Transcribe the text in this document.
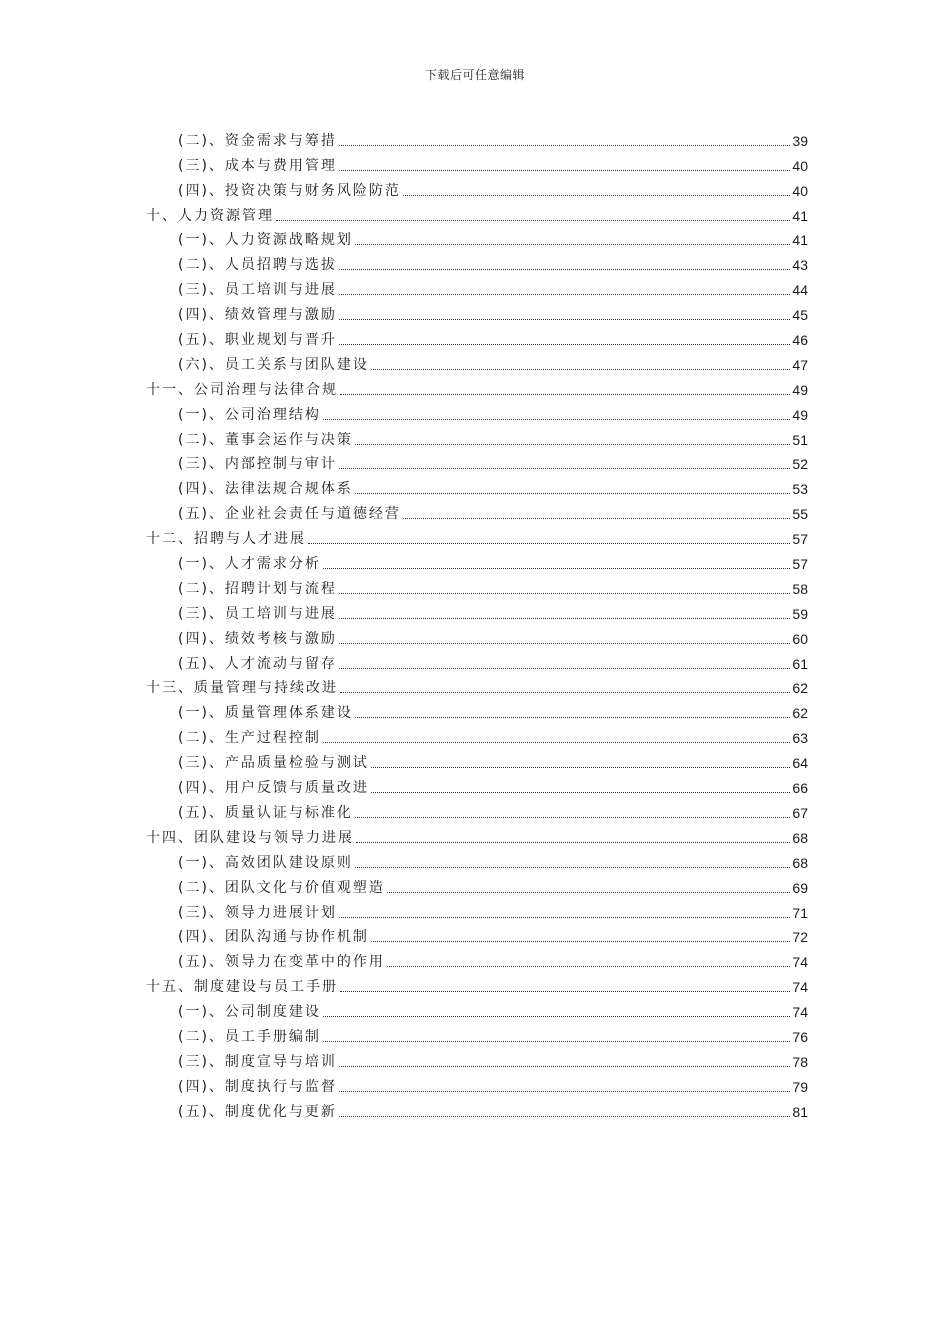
下载后可任意编辑
(二)、资金需求与筹措	39
(三)、成本与费用管理	40
(四)、投资决策与财务风险防范	40
十、人力资源管理	41
(一)、人力资源战略规划	41
(二)、人员招聘与选拔	43
(三)、员工培训与进展	44
(四)、绩效管理与激励	45
(五)、职业规划与晋升	46
(六)、员工关系与团队建设	47
十一、公司治理与法律合规	49
(一)、公司治理结构	49
(二)、董事会运作与决策	51
(三)、内部控制与审计	52
(四)、法律法规合规体系	53
(五)、企业社会责任与道德经营	55
十二、招聘与人才进展	57
(一)、人才需求分析	57
(二)、招聘计划与流程	58
(三)、员工培训与进展	59
(四)、绩效考核与激励	60
(五)、人才流动与留存	61
十三、质量管理与持续改进	62
(一)、质量管理体系建设	62
(二)、生产过程控制	63
(三)、产品质量检验与测试	64
(四)、用户反馈与质量改进	66
(五)、质量认证与标准化	67
十四、团队建设与领导力进展	68
(一)、高效团队建设原则	68
(二)、团队文化与价值观塑造	69
(三)、领导力进展计划	71
(四)、团队沟通与协作机制	72
(五)、领导力在变革中的作用	74
十五、制度建设与员工手册	74
(一)、公司制度建设	74
(二)、员工手册编制	76
(三)、制度宣导与培训	78
(四)、制度执行与监督	79
(五)、制度优化与更新	81
